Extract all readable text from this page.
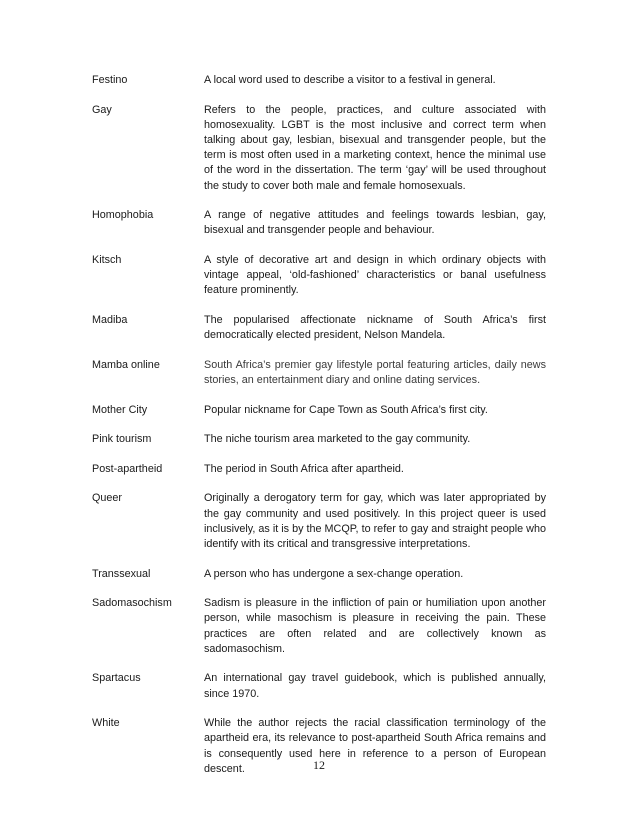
Festino	A local word used to describe a visitor to a festival in general.
Gay	Refers to the people, practices, and culture associated with homosexuality. LGBT is the most inclusive and correct term when talking about gay, lesbian, bisexual and transgender people, but the term is most often used in a marketing context, hence the minimal use of the word in the dissertation. The term ‘gay’ will be used throughout the study to cover both male and female homosexuals.
Homophobia	A range of negative attitudes and feelings towards lesbian, gay, bisexual and transgender people and behaviour.
Kitsch	A style of decorative art and design in which ordinary objects with vintage appeal, ‘old-fashioned’ characteristics or banal usefulness feature prominently.
Madiba	The popularised affectionate nickname of South Africa’s first democratically elected president, Nelson Mandela.
Mamba online	South Africa’s premier gay lifestyle portal featuring articles, daily news stories, an entertainment diary and online dating services.
Mother City	Popular nickname for Cape Town as South Africa’s first city.
Pink tourism	The niche tourism area marketed to the gay community.
Post-apartheid	The period in South Africa after apartheid.
Queer	Originally a derogatory term for gay, which was later appropriated by the gay community and used positively. In this project queer is used inclusively, as it is by the MCQP, to refer to gay and straight people who identify with its critical and transgressive interpretations.
Transsexual	A person who has undergone a sex-change operation.
Sadomasochism	Sadism is pleasure in the infliction of pain or humiliation upon another person, while masochism is pleasure in receiving the pain. These practices are often related and are collectively known as sadomasochism.
Spartacus	An international gay travel guidebook, which is published annually, since 1970.
White	While the author rejects the racial classification terminology of the apartheid era, its relevance to post-apartheid South Africa remains and is consequently used here in reference to a person of European descent.	12
